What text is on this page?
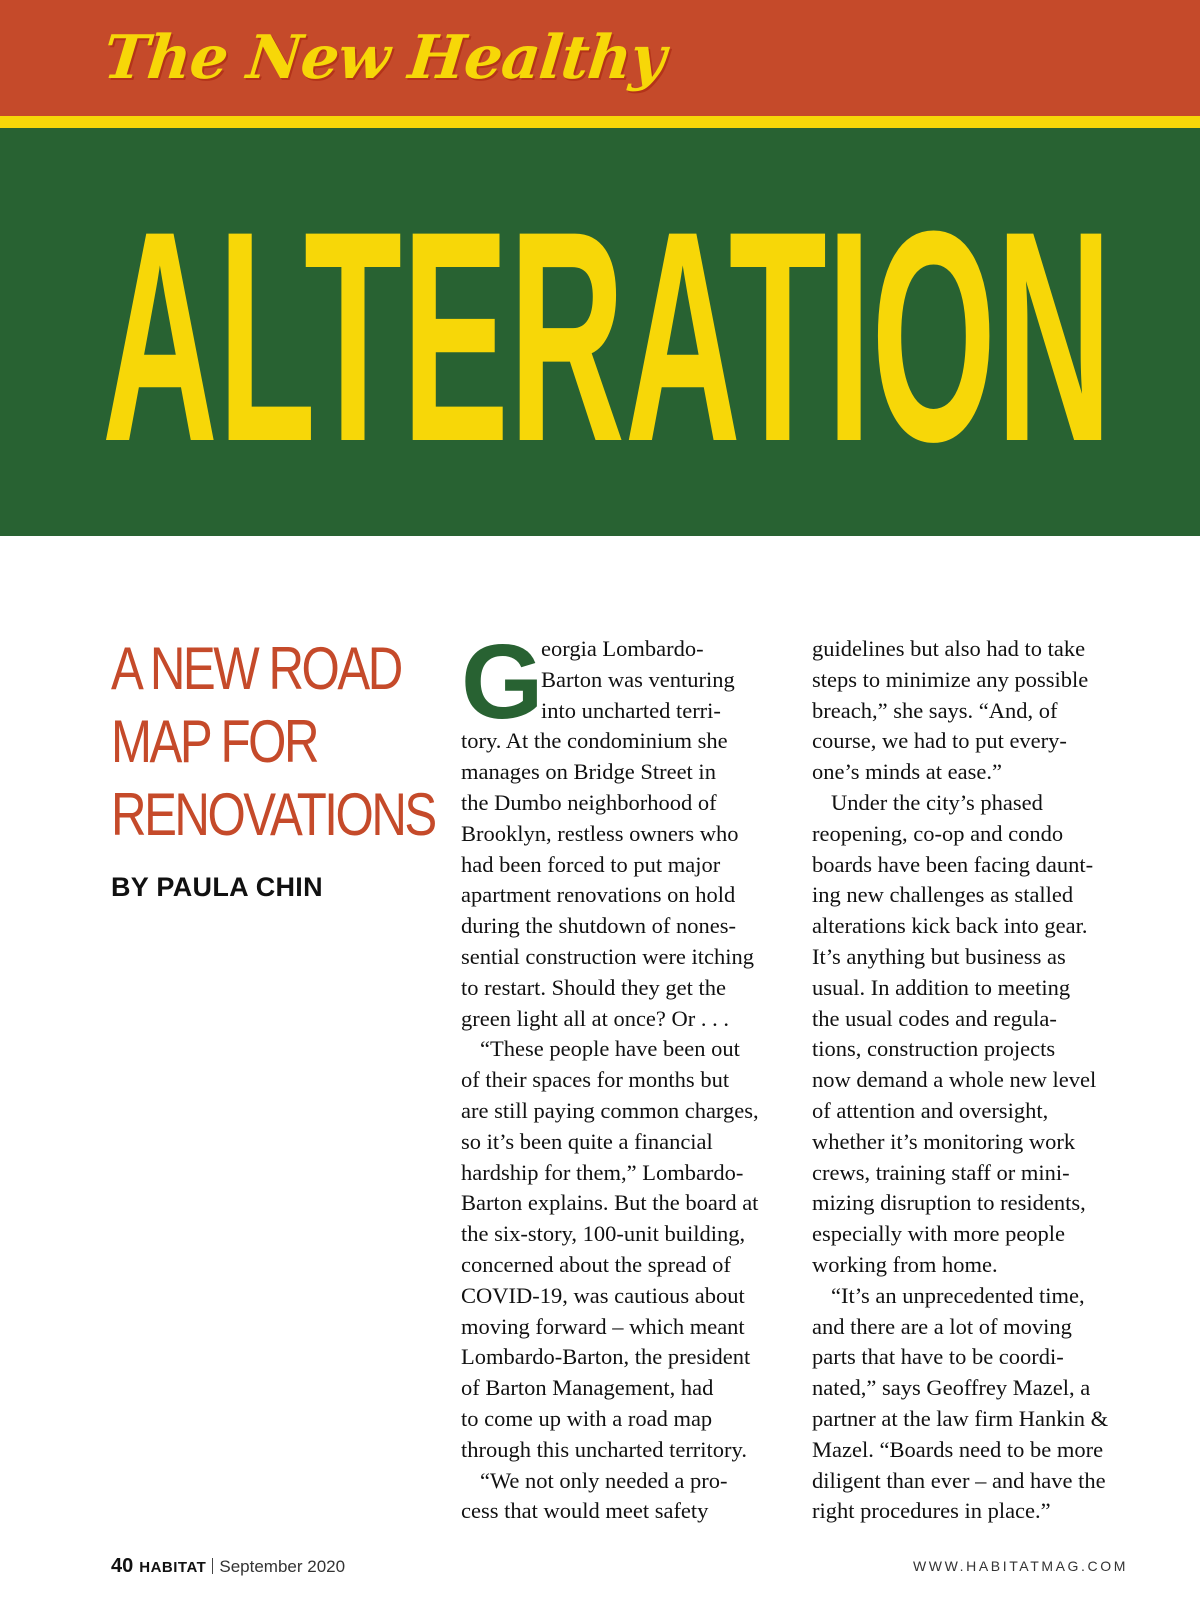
The New Healthy
ALTERATION
A NEW ROAD
MAP FOR
RENOVATIONS
BY PAULA CHIN
G
eorgia Lombardo-
Barton was venturing
into uncharted terri-
tory. At the condominium she
manages on Bridge Street in
the Dumbo neighborhood of
Brooklyn, restless owners who
had been forced to put major
apartment renovations on hold
during the shutdown of nones-
sential construction were itching
to restart. Should they get the
green light all at once? Or . . .
“These people have been out
of their spaces for months but
are still paying common charges,
so it’s been quite a financial
hardship for them,” Lombardo-
Barton explains. But the board at
the six-story, 100-unit building,
concerned about the spread of
COVID-19, was cautious about
moving forward – which meant
Lombardo-Barton, the president
of Barton Management, had
to come up with a road map
through this uncharted territory.
“We not only needed a pro-
cess that would meet safety
guidelines but also had to take
steps to minimize any possible
breach,” she says. “And, of
course, we had to put every-
one’s minds at ease.”
Under the city’s phased
reopening, co-op and condo
boards have been facing daunt-
ing new challenges as stalled
alterations kick back into gear.
It’s anything but business as
usual. In addition to meeting
the usual codes and regula-
tions, construction projects
now demand a whole new level
of attention and oversight,
whether it’s monitoring work
crews, training staff or mini-
mizing disruption to residents,
especially with more people
working from home.
“It’s an unprecedented time,
and there are a lot of moving
parts that have to be coordi-
nated,” says Geoffrey Mazel, a
partner at the law firm Hankin &
Mazel. “Boards need to be more
diligent than ever – and have the
right procedures in place.”
40 HABITAT September 2020	WWW.HABITATMAG.COM
